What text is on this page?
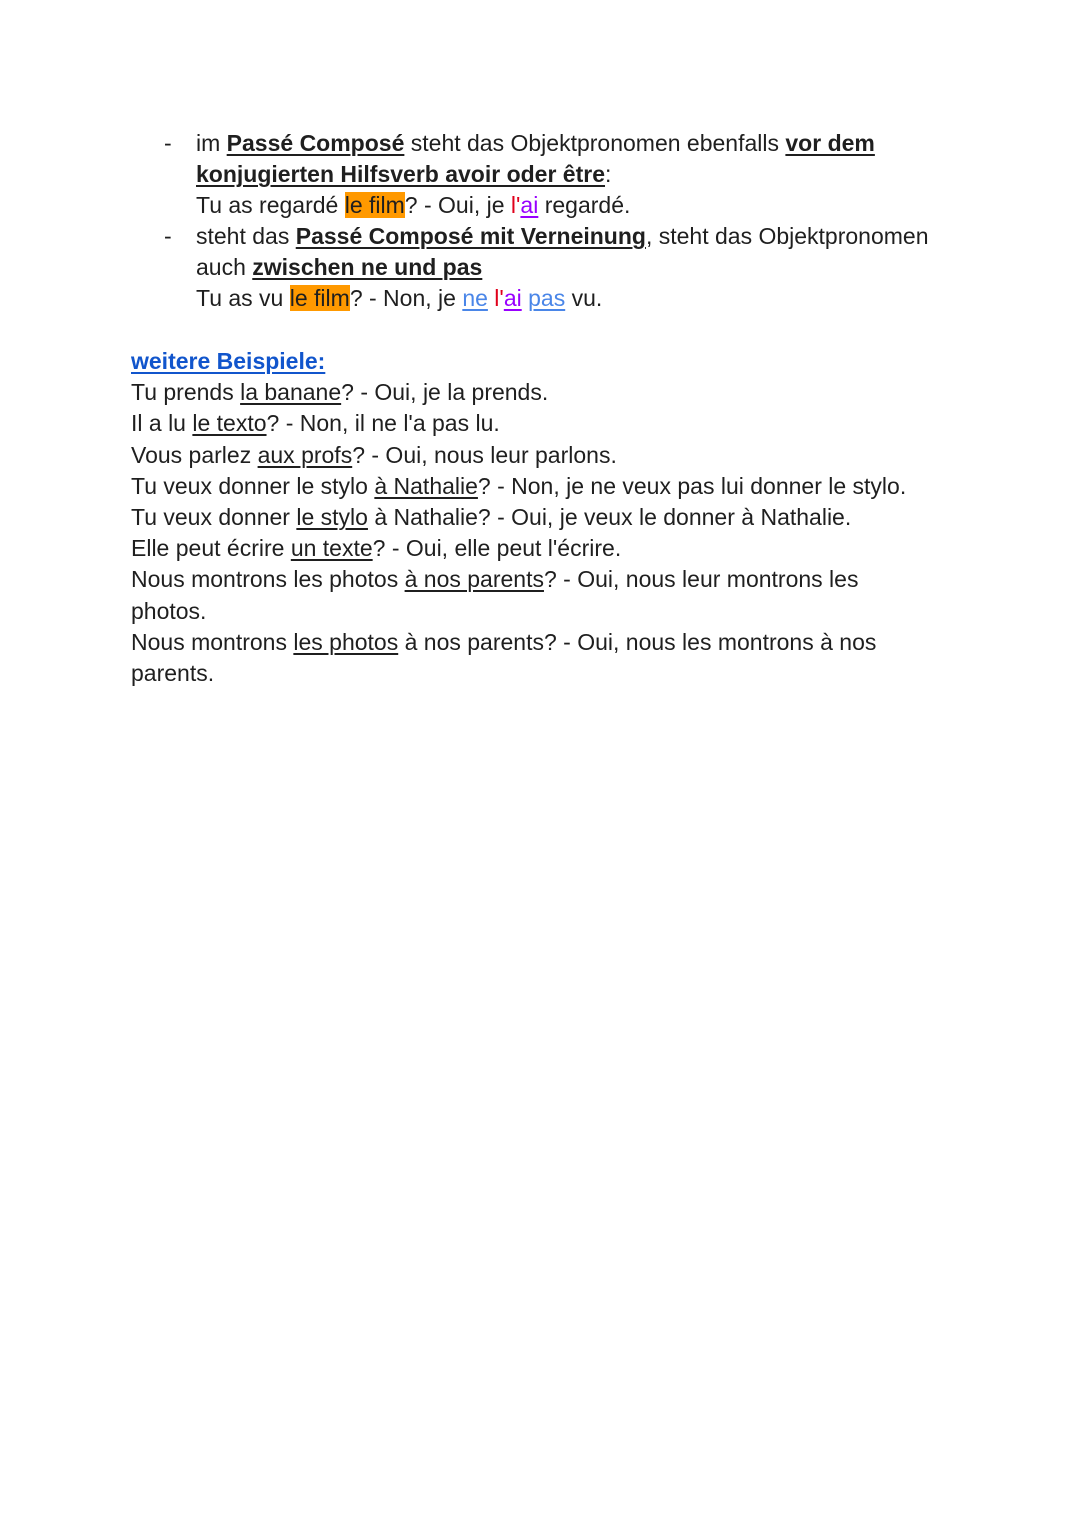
- im Passé Composé steht das Objektpronomen ebenfalls vor dem
konjugierten Hilfsverb avoir oder être:
Tu as regardé le film? - Oui, je l'ai regardé.
- steht das Passé Composé mit Verneinung, steht das Objektpronomen
auch zwischen ne und pas
Tu as vu le film? - Non, je ne l'ai pas vu.
weitere Beispiele:
Tu prends la banane? - Oui, je la prends.
Il a lu le texto? - Non, il ne l'a pas lu.
Vous parlez aux profs? - Oui, nous leur parlons.
Tu veux donner le stylo à Nathalie? - Non, je ne veux pas lui donner le stylo.
Tu veux donner le stylo à Nathalie? - Oui, je veux le donner à Nathalie.
Elle peut écrire un texte? - Oui, elle peut l'écrire.
Nous montrons les photos à nos parents? - Oui, nous leur montrons les
photos.
Nous montrons les photos à nos parents? - Oui, nous les montrons à nos
parents.
